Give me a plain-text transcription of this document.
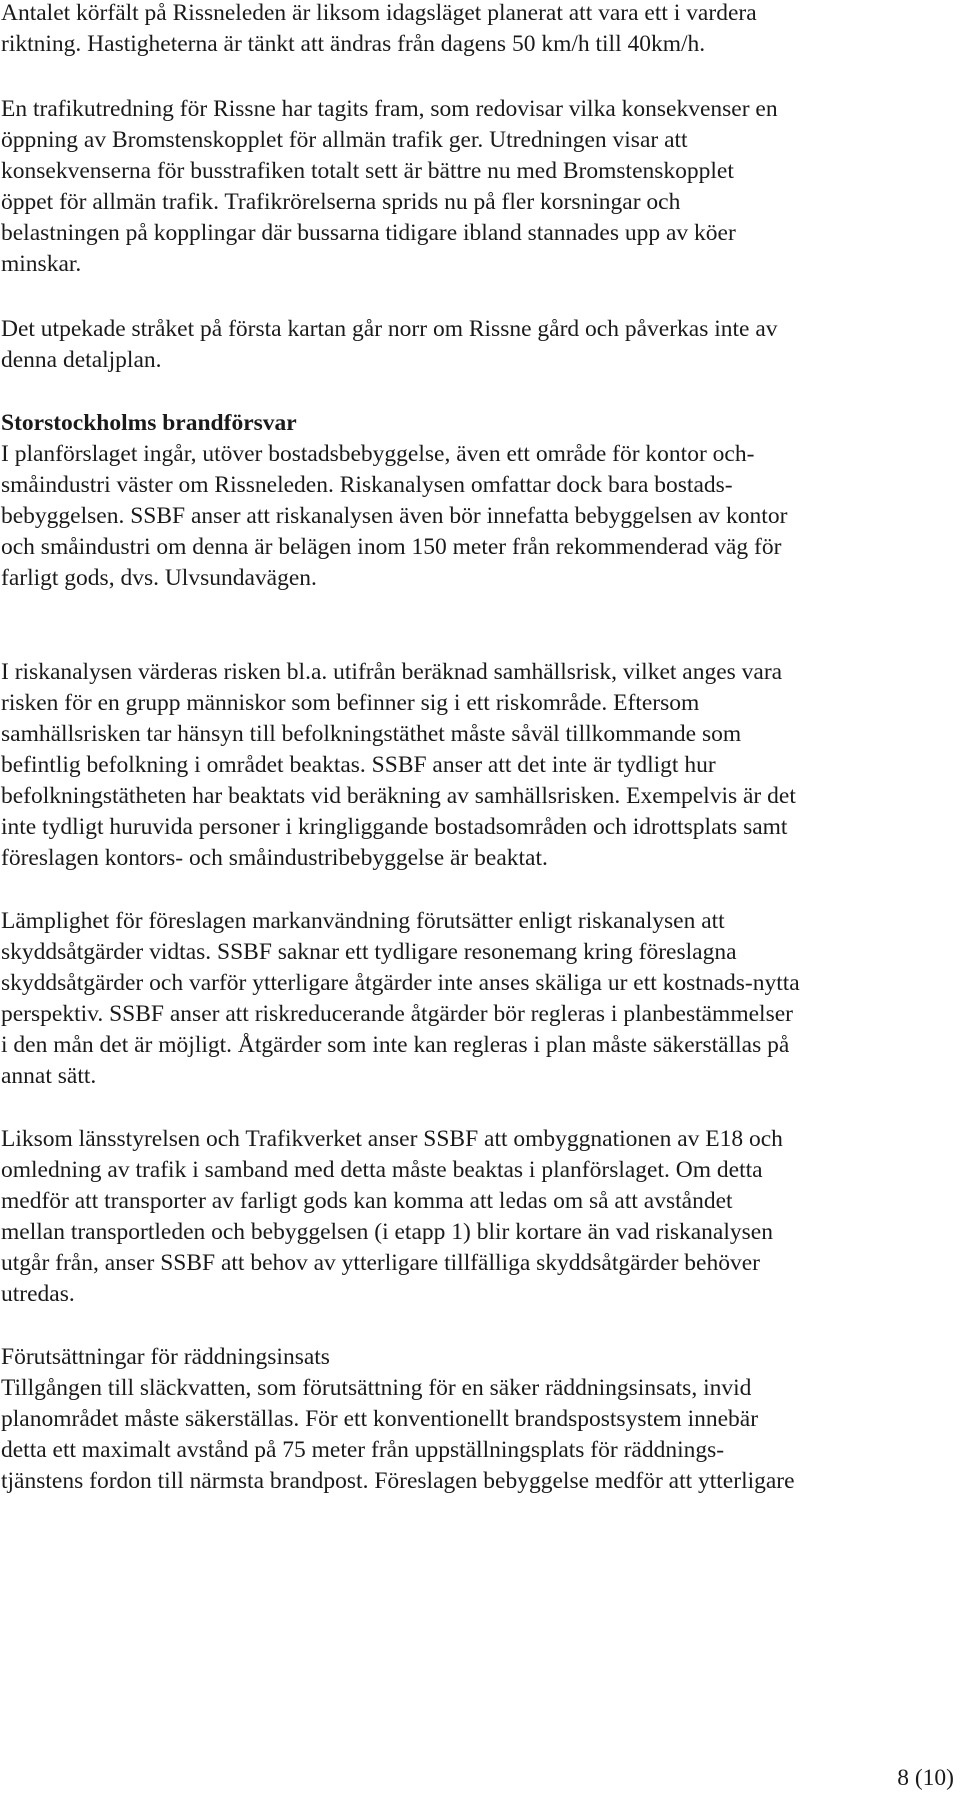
Antalet körfält på Rissneleden är liksom idagsläget planerat att vara ett i vardera
riktning. Hastigheterna är tänkt att ändras från dagens 50 km/h till 40km/h.
En trafikutredning för Rissne har tagits fram, som redovisar vilka konsekvenser en
öppning av Bromstenskopplet för allmän trafik ger. Utredningen visar att
konsekvenserna för busstrafiken totalt sett är bättre nu med Bromstenskopplet
öppet för allmän trafik. Trafikrörelserna sprids nu på fler korsningar och
belastningen på kopplingar där bussarna tidigare ibland stannades upp av köer
minskar.
Det utpekade stråket på första kartan går norr om Rissne gård och påverkas inte av
denna detaljplan.
Storstockholms brandförsvar
I planförslaget ingår, utöver bostadsbebyggelse, även ett område för kontor och-
småindustri väster om Rissneleden. Riskanalysen omfattar dock bara bostads-
bebyggelsen. SSBF anser att riskanalysen även bör innefatta bebyggelsen av kontor
och småindustri om denna är belägen inom 150 meter från rekommenderad väg för
farligt gods, dvs. Ulvsundavägen.
I riskanalysen värderas risken bl.a. utifrån beräknad samhällsrisk, vilket anges vara
risken för en grupp människor som befinner sig i ett riskområde. Eftersom
samhällsrisken tar hänsyn till befolkningstäthet måste såväl tillkommande som
befintlig befolkning i området beaktas. SSBF anser att det inte är tydligt hur
befolkningstätheten har beaktats vid beräkning av samhällsrisken. Exempelvis är det
inte tydligt huruvida personer i kringliggande bostadsområden och idrottsplats samt
föreslagen kontors- och småindustribebyggelse är beaktat.
Lämplighet för föreslagen markanvändning förutsätter enligt riskanalysen att
skyddsåtgärder vidtas. SSBF saknar ett tydligare resonemang kring föreslagna
skyddsåtgärder och varför ytterligare åtgärder inte anses skäliga ur ett kostnads-nytta
perspektiv. SSBF anser att riskreducerande åtgärder bör regleras i planbestämmelser
i den mån det är möjligt. Åtgärder som inte kan regleras i plan måste säkerställas på
annat sätt.
Liksom länsstyrelsen och Trafikverket anser SSBF att ombyggnationen av E18 och
omledning av trafik i samband med detta måste beaktas i planförslaget. Om detta
medför att transporter av farligt gods kan komma att ledas om så att avståndet
mellan transportleden och bebyggelsen (i etapp 1) blir kortare än vad riskanalysen
utgår från, anser SSBF att behov av ytterligare tillfälliga skyddsåtgärder behöver
utredas.
Förutsättningar för räddningsinsats
Tillgången till släckvatten, som förutsättning för en säker räddningsinsats, invid
planområdet måste säkerställas. För ett konventionellt brandspostsystem innebär
detta ett maximalt avstånd på 75 meter från uppställningsplats för räddnings-
tjänstens fordon till närmsta brandpost. Föreslagen bebyggelse medför att ytterligare
8 (10)
